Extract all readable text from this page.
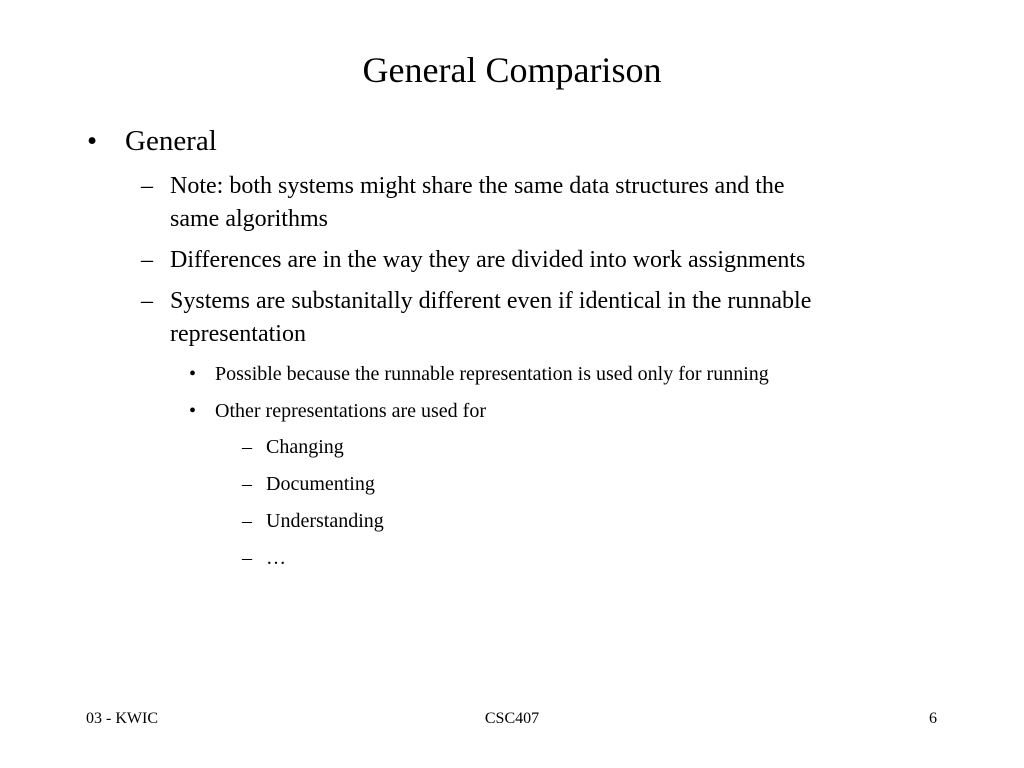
General Comparison
• General
– Note: both systems might share the same data structures and the
same algorithms
– Differences are in the way they are divided into work assignments
– Systems are substanitally different even if identical in the runnable
representation
• Possible because the runnable representation is used only for running
• Other representations are used for
– Changing
– Documenting
– Understanding
– …
03 - KWIC	CSC407	6
